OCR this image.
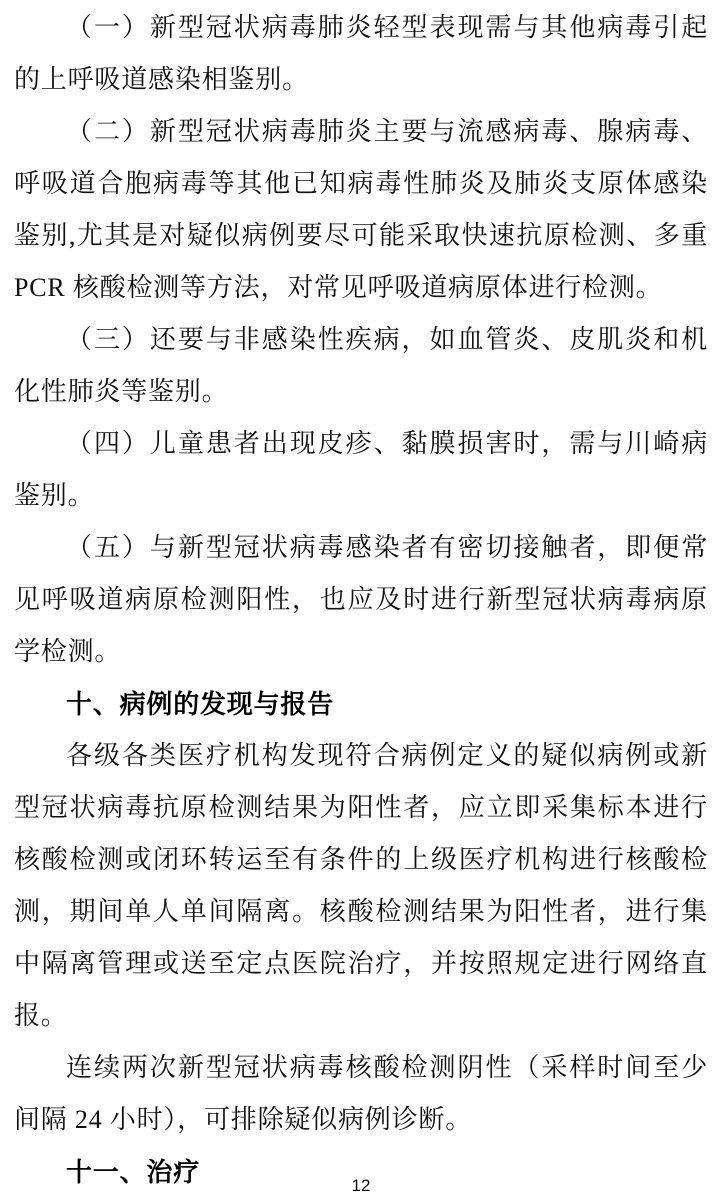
（一）新型冠状病毒肺炎轻型表现需与其他病毒引起的上呼吸道感染相鉴别。

（二）新型冠状病毒肺炎主要与流感病毒、腺病毒、呼吸道合胞病毒等其他已知病毒性肺炎及肺炎支原体感染鉴别,尤其是对疑似病例要尽可能采取快速抗原检测、多重 PCR 核酸检测等方法，对常见呼吸道病原体进行检测。

（三）还要与非感染性疾病，如血管炎、皮肌炎和机化性肺炎等鉴别。

（四）儿童患者出现皮疹、黏膜损害时，需与川崎病鉴别。

（五）与新型冠状病毒感染者有密切接触者，即便常见呼吸道病原检测阳性，也应及时进行新型冠状病毒病原学检测。

十、病例的发现与报告

各级各类医疗机构发现符合病例定义的疑似病例或新型冠状病毒抗原检测结果为阳性者，应立即采集标本进行核酸检测或闭环转运至有条件的上级医疗机构进行核酸检测，期间单人单间隔离。核酸检测结果为阳性者，进行集中隔离管理或送至定点医院治疗，并按照规定进行网络直报。

连续两次新型冠状病毒核酸检测阴性（采样时间至少间隔 24 小时），可排除疑似病例诊断。

十一、治疗	12
